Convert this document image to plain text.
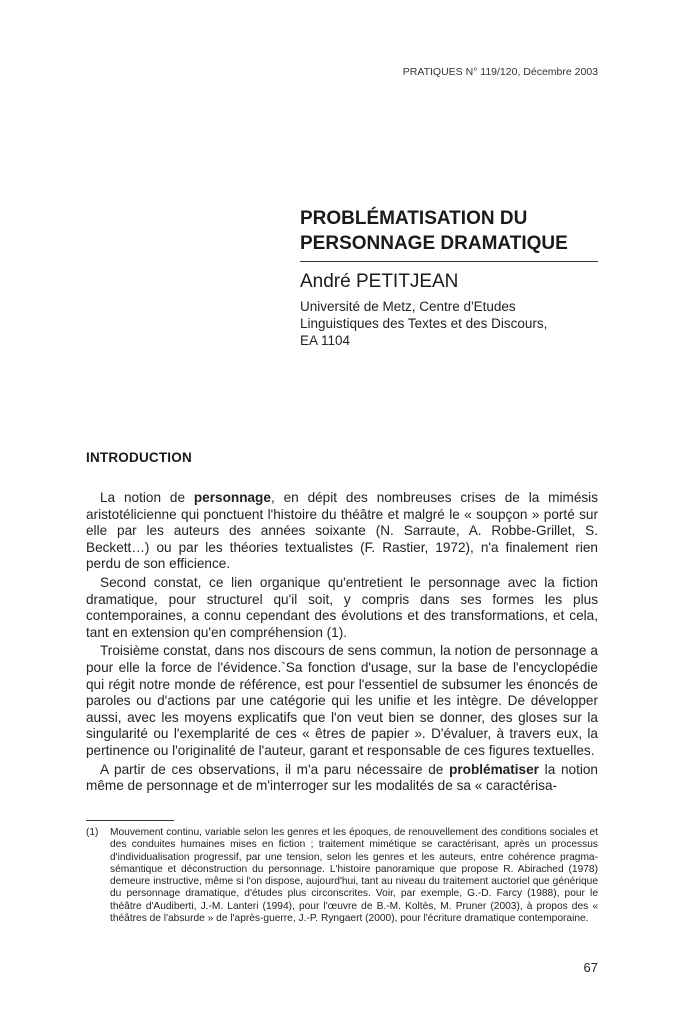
PRATIQUES N° 119/120, Décembre 2003
PROBLÉMATISATION DU
PERSONNAGE DRAMATIQUE
André PETITJEAN
Université de Metz, Centre d'Etudes
Linguistiques des Textes et des Discours,
EA 1104
INTRODUCTION

La notion de personnage, en dépit des nombreuses crises de la mimésis aristotélicienne qui ponctuent l'histoire du théâtre et malgré le « soupçon » porté sur elle par les auteurs des années soixante (N. Sarraute, A. Robbe-Grillet, S. Beckett…) ou par les théories textualistes (F. Rastier, 1972), n'a finalement rien perdu de son efficience.

Second constat, ce lien organique qu'entretient le personnage avec la fiction dramatique, pour structurel qu'il soit, y compris dans ses formes les plus contemporaines, a connu cependant des évolutions et des transformations, et cela, tant en extension qu'en compréhension (1).

Troisième constat, dans nos discours de sens commun, la notion de personnage a pour elle la force de l'évidence.`Sa fonction d'usage, sur la base de l'encyclopédie qui régit notre monde de référence, est pour l'essentiel de subsumer les énoncés de paroles ou d'actions par une catégorie qui les unifie et les intègre. De développer aussi, avec les moyens explicatifs que l'on veut bien se donner, des gloses sur la singularité ou l'exemplarité de ces « êtres de papier ». D'évaluer, à travers eux, la pertinence ou l'originalité de l'auteur, garant et responsable de ces figures textuelles.

A partir de ces observations, il m'a paru nécessaire de problématiser la notion même de personnage et de m'interroger sur les modalités de sa « caractérisa-

(1)	Mouvement continu, variable selon les genres et les époques, de renouvellement des conditions sociales et des conduites humaines mises en fiction ; traitement mimétique se caractérisant, après un processus d'individualisation progressif, par une tension, selon les genres et les auteurs, entre cohérence pragma-sémantique et déconstruction du personnage. L'histoire panoramique que propose R. Abirached (1978) demeure instructive, même si l'on dispose, aujourd'hui, tant au niveau du traitement auctoriel que générique du personnage dramatique, d'études plus circonscrites. Voir, par exemple, G.-D. Farcy (1988), pour le théâtre d'Audiberti, J.-M. Lanteri (1994), pour l'œuvre de B.-M. Koltès, M. Pruner (2003), à propos des « théâtres de l'absurde » de l'après-guerre, J.-P. Ryngaert (2000), pour l'écriture dramatique contemporaine.
67
